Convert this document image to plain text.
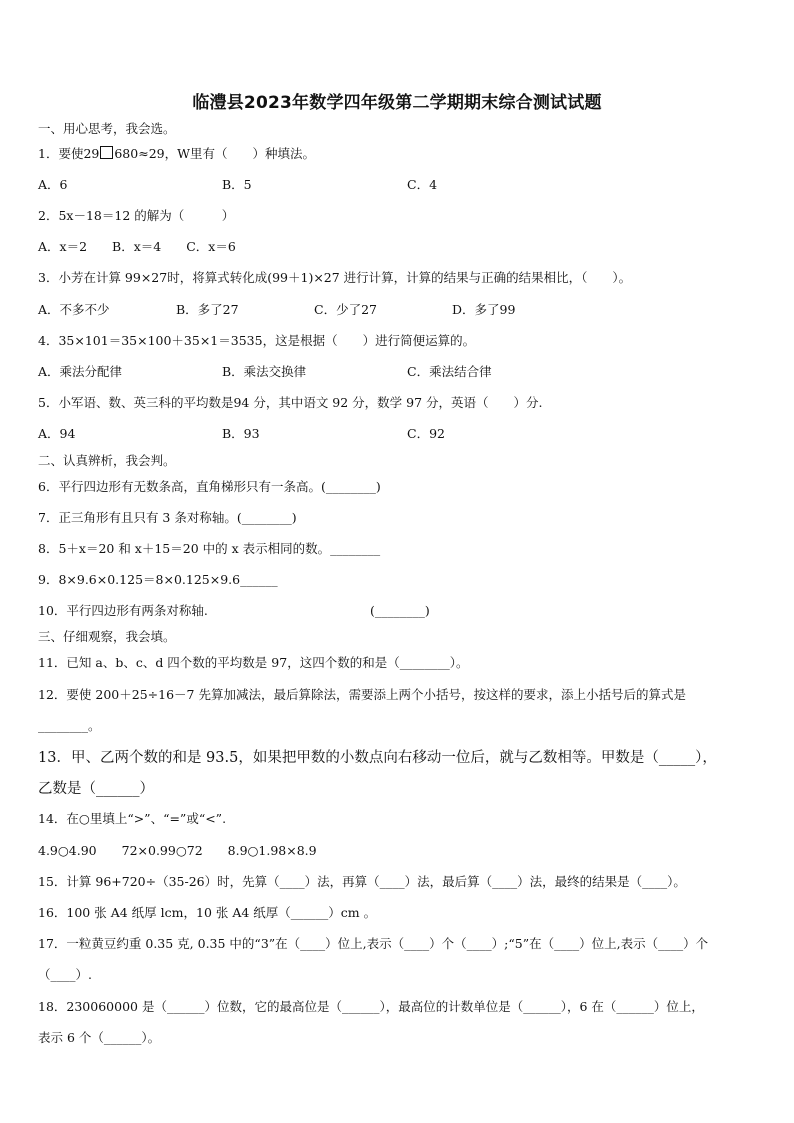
临澧县2023年数学四年级第二学期期末综合测试试题
一、用心思考，我会选。
1．要使29 680≈29，W里有（　　）种填法。
A．6	B．5	C．4
2．5x－18＝12 的解为（　　　）
A．x＝2　　B．x＝4　　C．x＝6
3．小芳在计算 99×27时，将算式转化成(99＋1)×27 进行计算，计算的结果与正确的结果相比，（　　）。
A．不多不少	B．多了27	C．少了27	D．多了99
4．35×101＝35×100＋35×1＝3535，这是根据（　　）进行简便运算的。
A．乘法分配律	B．乘法交换律	C．乘法结合律
5．小军语、数、英三科的平均数是94 分，其中语文 92 分，数学 97 分，英语（　　）分.
A．94	B．93	C．92
二、认真辨析，我会判。
6．平行四边形有无数条高，直角梯形只有一条高。(________)
7．正三角形有且只有 3 条对称轴。(________)
8．5＋x＝20 和 x＋15＝20 中的 x 表示相同的数。________
9．8×9.6×0.125＝8×0.125×9.6______
10．平行四边形有两条对称轴.	(________)
三、仔细观察，我会填。
11．已知 a、b、c、d 四个数的平均数是 97，这四个数的和是（________）。
12．要使 200＋25÷16－7 先算加减法，最后算除法，需要添上两个小括号，按这样的要求，添上小括号后的算式是
________。
13．甲、乙两个数的和是 93.5，如果把甲数的小数点向右移动一位后，就与乙数相等。甲数是（_____），
乙数是（______）
14．在○里填上“>”、“=”或“<”.
4.9○4.90　　72×0.99○72　　8.9○1.98×8.9
15．计算 96+720÷（35-26）时，先算（____）法，再算（____）法，最后算（____）法，最终的结果是（____）。
16．100 张 A4 纸厚 lcm，10 张 A4 纸厚（______）cm 。
17．一粒黄豆约重 0.35 克, 0.35 中的“3”在（____）位上,表示（____）个（____）;“5”在（____）位上,表示（____）个
（____）.
18．230060000 是（______）位数，它的最高位是（______），最高位的计数单位是（______），6 在（______）位上，
表示 6 个（______）。
